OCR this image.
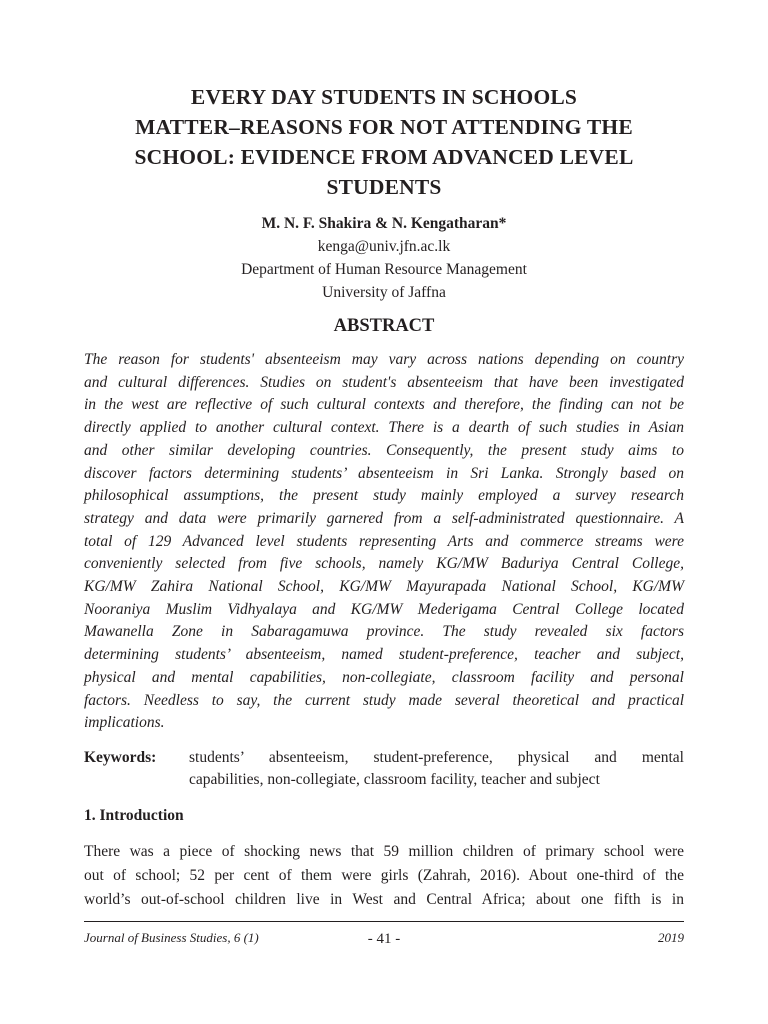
EVERY DAY STUDENTS IN SCHOOLS
MATTER–REASONS FOR NOT ATTENDING THE
SCHOOL: EVIDENCE FROM ADVANCED LEVEL
STUDENTS
M. N. F. Shakira & N. Kengatharan*
kenga@univ.jfn.ac.lk
Department of Human Resource Management
University of Jaffna
ABSTRACT

The reason for students' absenteeism may vary across nations depending on country
and cultural differences. Studies on student's absenteeism that have been investigated
in the west are reflective of such cultural contexts and therefore, the finding can not be
directly applied to another cultural context. There is a dearth of such studies in Asian
and other similar developing countries. Consequently, the present study aims to
discover factors determining students’ absenteeism in Sri Lanka. Strongly based on
philosophical assumptions, the present study mainly employed a survey research
strategy and data were primarily garnered from a self-administrated questionnaire. A
total of 129 Advanced level students representing Arts and commerce streams were
conveniently selected from five schools, namely KG/MW Baduriya Central College,
KG/MW Zahira National School, KG/MW Mayurapada National School, KG/MW
Nooraniya Muslim Vidhyalaya and KG/MW Mederigama Central College located
Mawanella Zone in Sabaragamuwa province. The study revealed six factors
determining students’ absenteeism, named student-preference, teacher and subject,
physical and mental capabilities, non-collegiate, classroom facility and personal
factors. Needless to say, the current study made several theoretical and practical
implications.

Keywords: students’ absenteeism, student-preference, physical and mental
capabilities, non-collegiate, classroom facility, teacher and subject
1. Introduction

There was a piece of shocking news that 59 million children of primary school were
out of school; 52 per cent of them were girls (Zahrah, 2016). About one-third of the
world’s out-of-school children live in West and Central Africa; about one fifth is in

Journal of Business Studies, 6 (1)	- 41 -	2019
